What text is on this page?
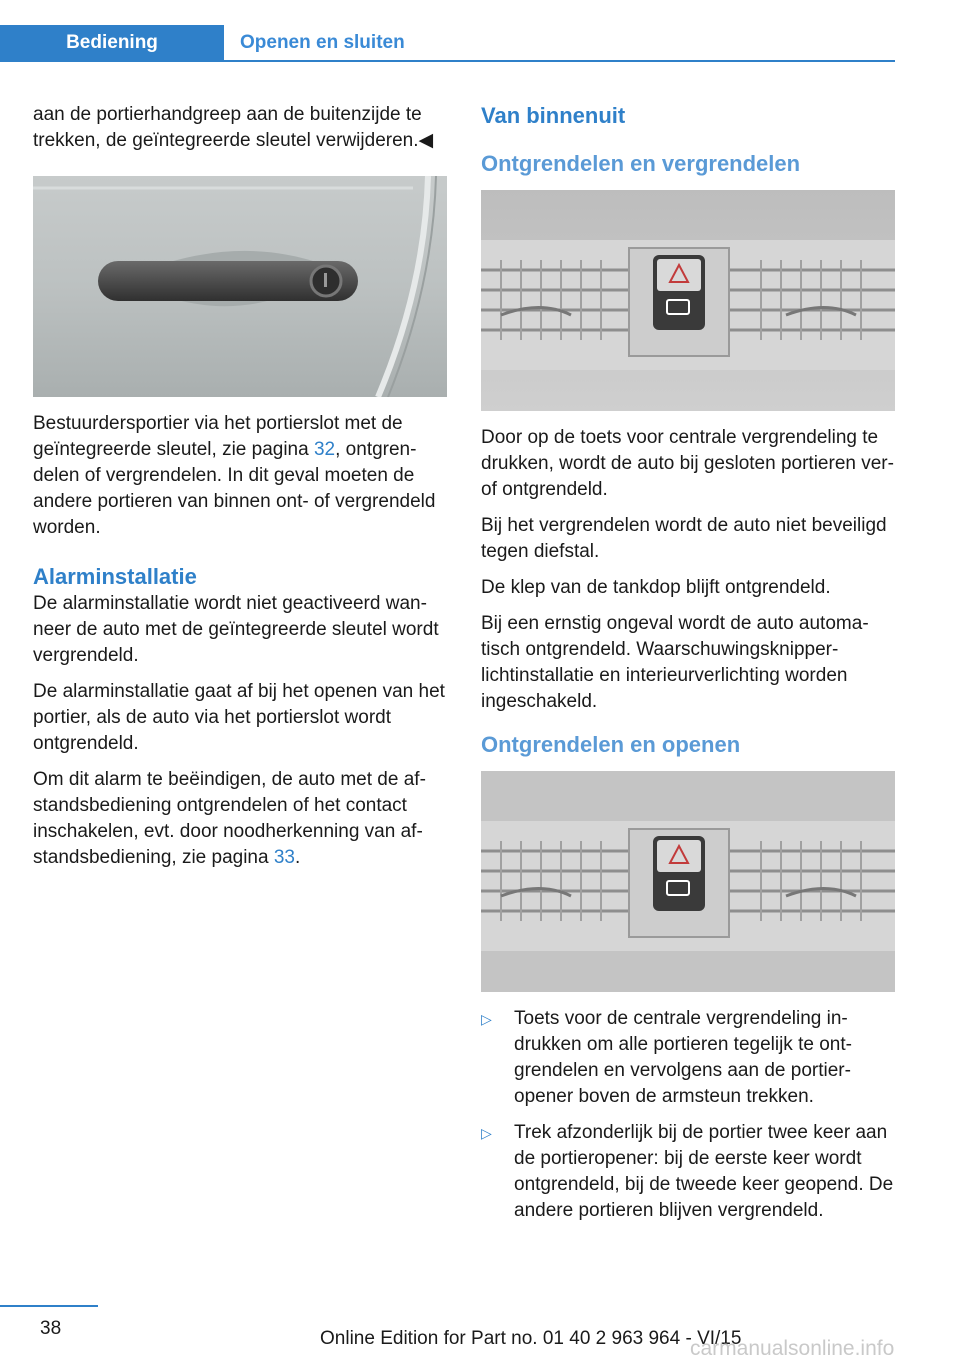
Bediening	Openen en sluiten

aan de portierhandgreep aan de buitenzijde te trekken, de geïntegreerde sleutel verwijderen.◀

Bestuurdersportier via het portierslot met de geïntegreerde sleutel, zie pagina 32, ontgrendelen of vergrendelen. In dit geval moeten de andere portieren van binnen ont- of vergrendeld worden.

Alarminstallatie

De alarminstallatie wordt niet geactiveerd wanneer de auto met de geïntegreerde sleutel wordt vergrendeld.

De alarminstallatie gaat af bij het openen van het portier, als de auto via het portierslot wordt ontgrendeld.

Om dit alarm te beëindigen, de auto met de afstandsbediening ontgrendelen of het contact inschakelen, evt. door noodherkenning van afstandsbediening, zie pagina 33.

Van binnenuit
Ontgrendelen en vergrendelen

Door op de toets voor centrale vergrendeling te drukken, wordt de auto bij gesloten portieren ver- of ontgrendeld.

Bij het vergrendelen wordt de auto niet beveiligd tegen diefstal.

De klep van de tankdop blijft ontgrendeld.

Bij een ernstig ongeval wordt de auto automatisch ontgrendeld. Waarschuwingsknipperlichtinstallatie en interieurverlichting worden ingeschakeld.

Ontgrendelen en openen
▷ Toets voor de centrale vergrendeling indrukken om alle portieren tegelijk te ontgrendelen en vervolgens aan de portieropener boven de armsteun trekken.
▷ Trek afzonderlijk bij de portier twee keer aan de portieropener: bij de eerste keer wordt ontgrendeld, bij de tweede keer geopend. De andere portieren blijven vergrendeld.
38	Online Edition for Part no. 01 40 2 963 964 - VI/15
carmanualsonline.info
